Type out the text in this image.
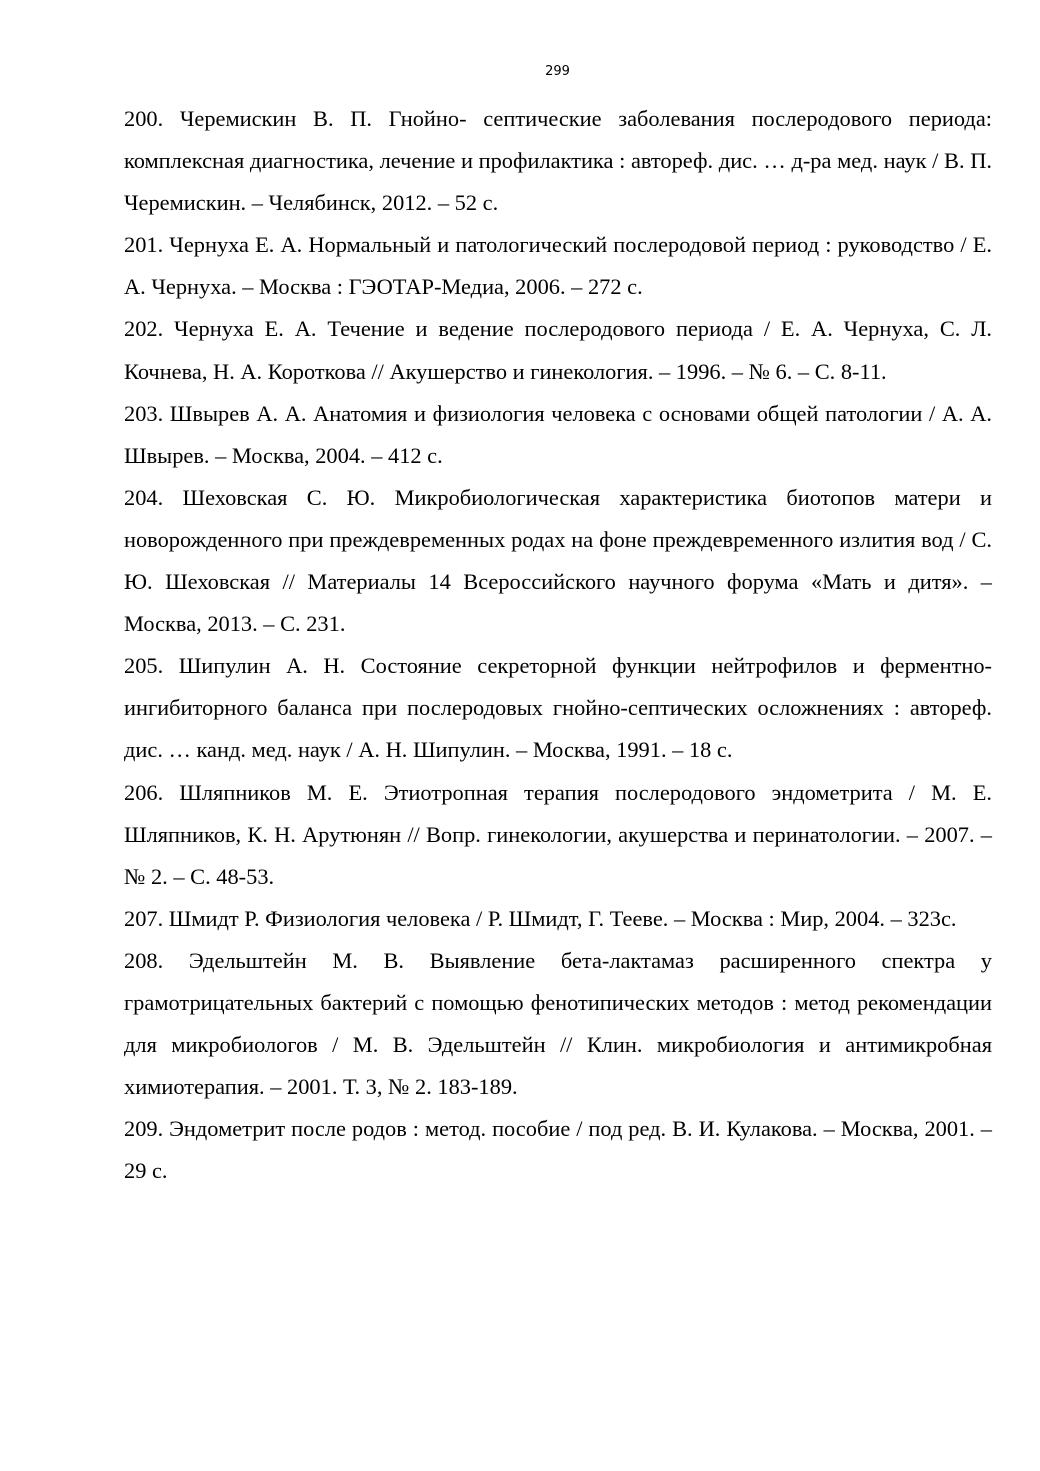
299

200. Черемискин В. П. Гнойно- септические заболевания послеродового периода: комплексная диагностика, лечение и профилактика : автореф. дис. … д-ра мед. наук / В. П. Черемискин. – Челябинск, 2012. – 52 с.

201. Чернуха Е. А. Нормальный и патологический послеродовой период : руководство / Е. А. Чернуха. – Москва : ГЭОТАР-Медиа, 2006. – 272 с.

202. Чернуха Е. А. Течение и ведение послеродового периода / Е. А. Чернуха, С. Л. Кочнева, Н. А. Короткова // Акушерство и гинекология. – 1996. – № 6. – С. 8-11.

203. Швырев А. А. Анатомия и физиология человека с основами общей патологии / А. А. Швырев. – Москва, 2004. – 412 с.

204. Шеховская С. Ю. Микробиологическая характеристика биотопов матери и новорожденного при преждевременных родах на фоне преждевременного излития вод / С. Ю. Шеховская // Материалы 14 Всероссийского научного форума «Мать и дитя». – Москва, 2013. – С. 231.

205. Шипулин А. Н. Состояние секреторной функции нейтрофилов и ферментно-ингибиторного баланса при послеродовых гнойно-септических осложнениях : автореф. дис. … канд. мед. наук / А. Н. Шипулин. – Москва, 1991. – 18 с.

206. Шляпников М. Е. Этиотропная терапия послеродового эндометрита / М. Е. Шляпников, К. Н. Арутюнян // Вопр. гинекологии, акушерства и перинатологии. – 2007. – № 2. – С. 48-53.

207. Шмидт Р. Физиология человека / Р. Шмидт, Г. Тееве. – Москва : Мир, 2004. – 323с.

208. Эдельштейн М. В. Выявление бета-лактамаз расширенного спектра у грамотрицательных бактерий с помощью фенотипических методов : метод рекомендации для микробиологов / М. В. Эдельштейн // Клин. микробиология и антимикробная химиотерапия. – 2001. Т. 3, № 2. 183-189.

209. Эндометрит после родов : метод. пособие / под ред. В. И. Кулакова. – Москва, 2001. – 29 с.
